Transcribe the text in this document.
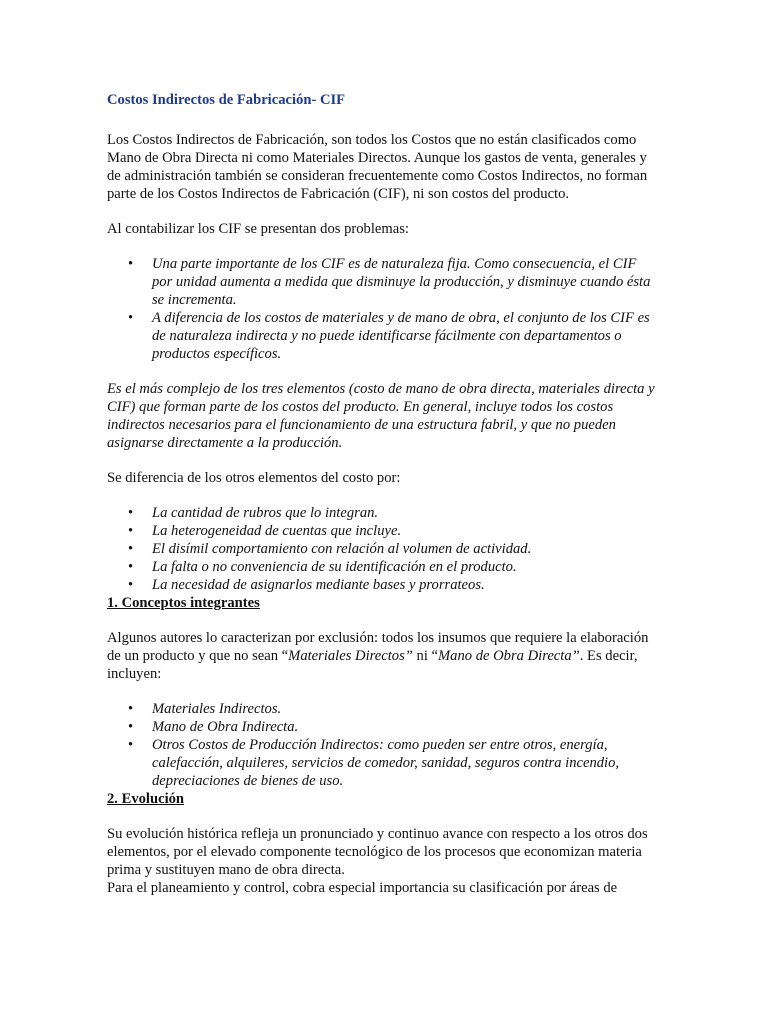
Costos Indirectos de Fabricación- CIF

Los Costos Indirectos de Fabricación, son todos los Costos que no están clasificados como Mano de Obra Directa ni como Materiales Directos. Aunque los gastos de venta, generales y de administración también se consideran frecuentemente como Costos Indirectos, no forman parte de los Costos Indirectos de Fabricación (CIF), ni son costos del producto.

Al contabilizar los CIF se presentan dos problemas:

• Una parte importante de los CIF es de naturaleza fija. Como consecuencia, el CIF por unidad aumenta a medida que disminuye la producción, y disminuye cuando ésta se incrementa.
• A diferencia de los costos de materiales y de mano de obra, el conjunto de los CIF es de naturaleza indirecta y no puede identificarse fácilmente con departamentos o productos específicos.

Es el más complejo de los tres elementos (costo de mano de obra directa, materiales directa y CIF) que forman parte de los costos del producto. En general, incluye todos los costos indirectos necesarios para el funcionamiento de una estructura fabril, y que no pueden asignarse directamente a la producción.

Se diferencia de los otros elementos del costo por:

• La cantidad de rubros que lo integran.
• La heterogeneidad de cuentas que incluye.
• El disímil comportamiento con relación al volumen de actividad.
• La falta o no conveniencia de su identificación en el producto.
• La necesidad de asignarlos mediante bases y prorrateos.

1. Conceptos integrantes

Algunos autores lo caracterizan por exclusión: todos los insumos que requiere la elaboración de un producto y que no sean “Materiales Directos” ni “Mano de Obra Directa”. Es decir, incluyen:

• Materiales Indirectos.
• Mano de Obra Indirecta.
• Otros Costos de Producción Indirectos: como pueden ser entre otros, energía, calefacción, alquileres, servicios de comedor, sanidad, seguros contra incendio, depreciaciones de bienes de uso.

2. Evolución

Su evolución histórica refleja un pronunciado y continuo avance con respecto a los otros dos elementos, por el elevado componente tecnológico de los procesos que economizan materia prima y sustituyen mano de obra directa.

Para el planeamiento y control, cobra especial importancia su clasificación por áreas de
